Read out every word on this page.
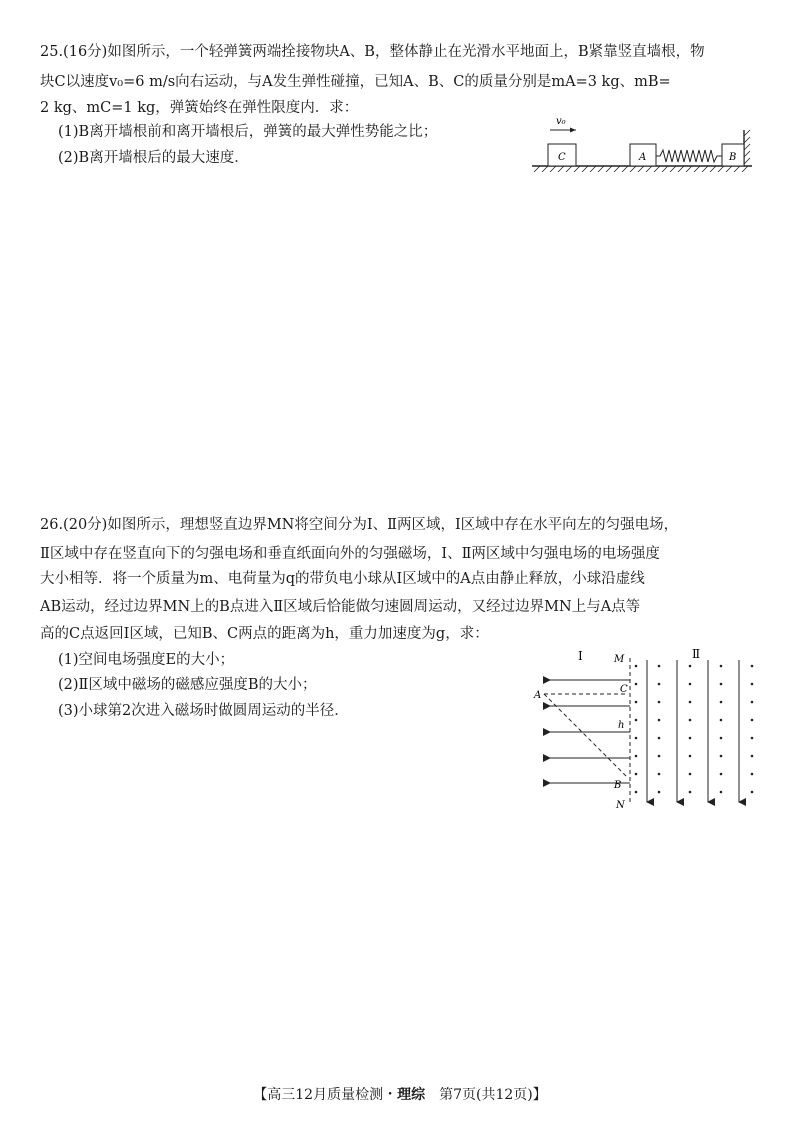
25.(16分)如图所示，一个轻弹簧两端拴接物块A、B，整体静止在光滑水平地面上，B紧靠竖直墙根，物
块C以速度v₀=6 m/s向右运动，与A发生弹性碰撞，已知A、B、C的质量分别是mA=3 kg、mB=
2 kg、mC=1 kg，弹簧始终在弹性限度内．求：
(1)B离开墙根前和离开墙根后，弹簧的最大弹性势能之比；
(2)B离开墙根后的最大速度．
v₀
C	A	B
26.(20分)如图所示，理想竖直边界MN将空间分为Ⅰ、Ⅱ两区域，Ⅰ区域中存在水平向左的匀强电场，
Ⅱ区域中存在竖直向下的匀强电场和垂直纸面向外的匀强磁场，Ⅰ、Ⅱ两区域中匀强电场的电场强度
大小相等．将一个质量为m、电荷量为q的带负电小球从Ⅰ区域中的A点由静止释放，小球沿虚线
AB运动，经过边界MN上的B点进入Ⅱ区域后恰能做匀速圆周运动，又经过边界MN上与A点等
高的C点返回Ⅰ区域，已知B、C两点的距离为h，重力加速度为g，求：
(1)空间电场强度E的大小；
(2)Ⅱ区域中磁场的磁感应强度B的大小；
(3)小球第2次进入磁场时做圆周运动的半径．
Ⅰ	Ⅱ
M
N
A
C
B
h
【高三12月质量检测・理综　第7页(共12页)】
